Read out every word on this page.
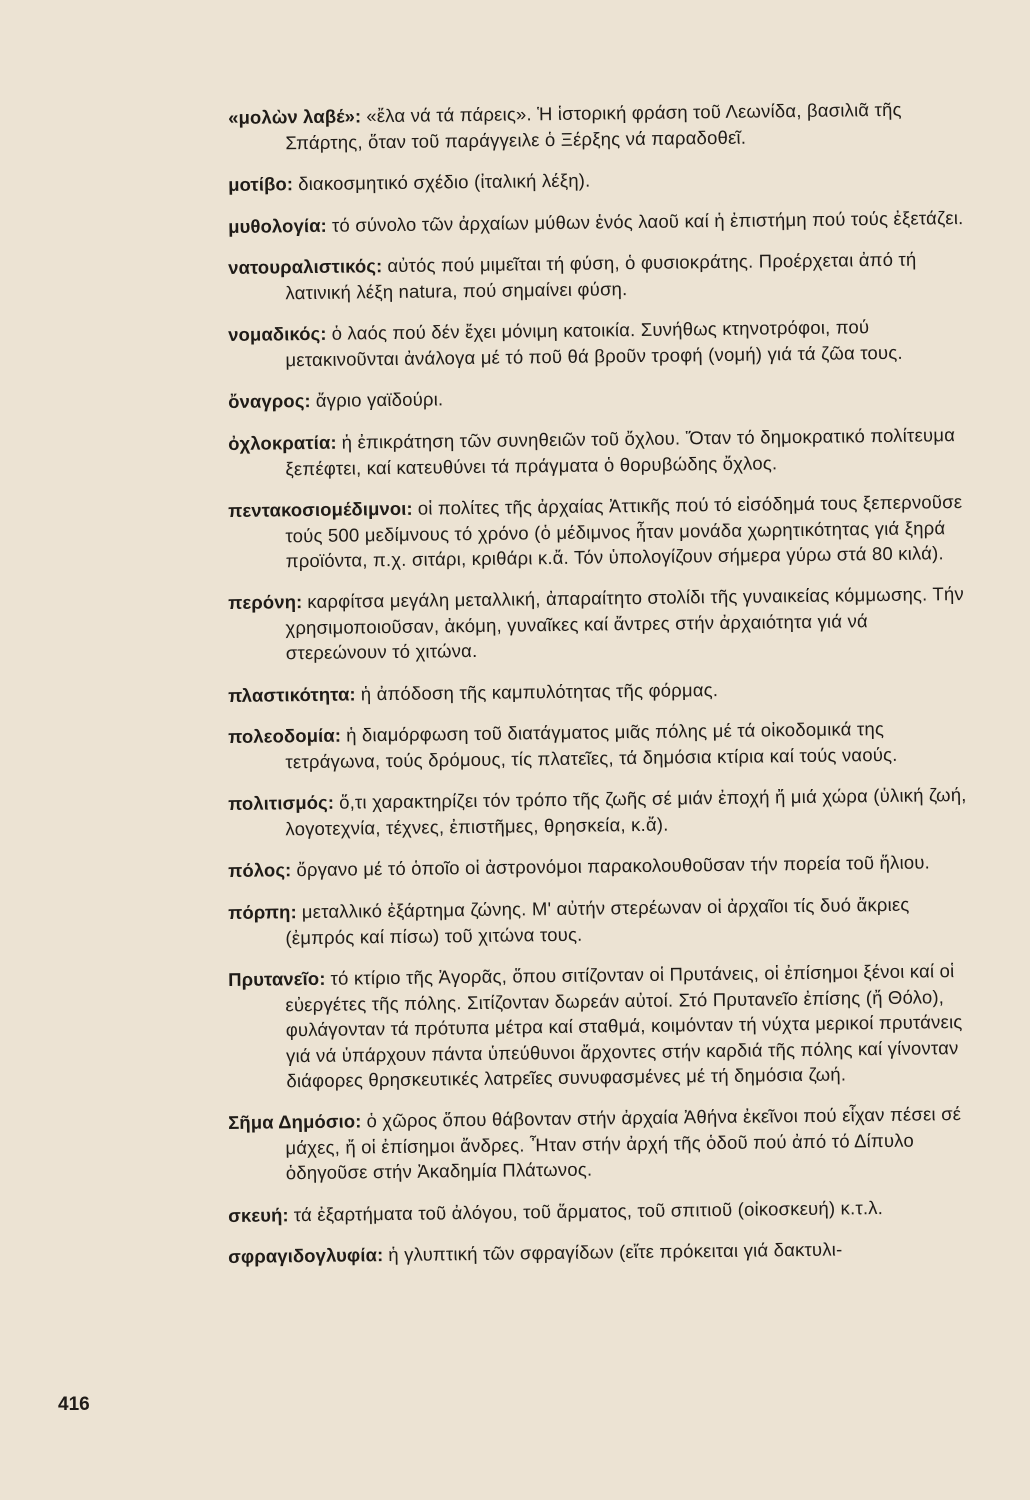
«μολὼν λαβέ»: «ἔλα νά τά πάρεις». Ἡ ἱστορική φράση τοῦ Λεωνίδα, βασιλιᾶ τῆς Σπάρτης, ὅταν τοῦ παράγγειλε ὁ Ξέρξης νά παραδοθεῖ.

μοτίβο: διακοσμητικό σχέδιο (ἰταλική λέξη).

μυθολογία: τό σύνολο τῶν ἀρχαίων μύθων ἑνός λαοῦ καί ἡ ἐπιστήμη πού τούς ἐξετάζει.

νατουραλιστικός: αὐτός πού μιμεῖται τή φύση, ὁ φυσιοκράτης. Προέρχεται ἀπό τή λατινική λέξη natura, πού σημαίνει φύση.

νομαδικός: ὁ λαός πού δέν ἔχει μόνιμη κατοικία. Συνήθως κτηνοτρόφοι, πού μετακινοῦνται ἀνάλογα μέ τό ποῦ θά βροῦν τροφή (νομή) γιά τά ζῶα τους.

ὄναγρος: ἄγριο γαϊδούρι.

ὀχλοκρατία: ἡ ἐπικράτηση τῶν συνηθειῶν τοῦ ὄχλου. Ὅταν τό δημοκρατικό πολίτευμα ξεπέφτει, καί κατευθύνει τά πράγματα ὁ θορυβώδης ὄχλος.

πεντακοσιομέδιμνοι: οἱ πολίτες τῆς ἀρχαίας Ἀττικῆς πού τό εἰσόδημά τους ξεπερνοῦσε τούς 500 μεδίμνους τό χρόνο (ὁ μέδιμνος ἦταν μονάδα χωρητικότητας γιά ξηρά προϊόντα, π.χ. σιτάρι, κριθάρι κ.ἄ. Τόν ὑπολογίζουν σήμερα γύρω στά 80 κιλά).

περόνη: καρφίτσα μεγάλη μεταλλική, ἀπαραίτητο στολίδι τῆς γυναικείας κόμμωσης. Τήν χρησιμοποιοῦσαν, ἀκόμη, γυναῖκες καί ἄντρες στήν ἀρχαιότητα γιά νά στερεώνουν τό χιτώνα.

πλαστικότητα: ἡ ἀπόδοση τῆς καμπυλότητας τῆς φόρμας.

πολεοδομία: ἡ διαμόρφωση τοῦ διατάγματος μιᾶς πόλης μέ τά οἰκοδομικά της τετράγωνα, τούς δρόμους, τίς πλατεῖες, τά δημόσια κτίρια καί τούς ναούς.

πολιτισμός: ὅ,τι χαρακτηρίζει τόν τρόπο τῆς ζωῆς σέ μιάν ἐποχή ἤ μιά χώρα (ὑλική ζωή, λογοτεχνία, τέχνες, ἐπιστῆμες, θρησκεία, κ.ἄ).

πόλος: ὄργανο μέ τό ὁποῖο οἱ ἀστρονόμοι παρακολουθοῦσαν τήν πορεία τοῦ ἥλιου.

πόρπη: μεταλλικό ἐξάρτημα ζώνης. Μ' αὐτήν στερέωναν οἱ ἀρχαῖοι τίς δυό ἄκριες (ἐμπρός καί πίσω) τοῦ χιτώνα τους.

Πρυτανεῖο: τό κτίριο τῆς Ἀγορᾶς, ὅπου σιτίζονταν οἱ Πρυτάνεις, οἱ ἐπίσημοι ξένοι καί οἱ εὐεργέτες τῆς πόλης. Σιτίζονταν δωρεάν αὐτοί. Στό Πρυτανεῖο ἐπίσης (ἤ Θόλο), φυλάγονταν τά πρότυπα μέτρα καί σταθμά, κοιμόνταν τή νύχτα μερικοί πρυτάνεις γιά νά ὑπάρχουν πάντα ὑπεύθυνοι ἄρχοντες στήν καρδιά τῆς πόλης καί γίνονταν διάφορες θρησκευτικές λατρεῖες συνυφασμένες μέ τή δημόσια ζωή.

Σῆμα Δημόσιο: ὁ χῶρος ὅπου θάβονταν στήν ἀρχαία Ἀθήνα ἐκεῖνοι πού εἶχαν πέσει σέ μάχες, ἤ οἱ ἐπίσημοι ἄνδρες. Ἦταν στήν ἀρχή τῆς ὁδοῦ πού ἀπό τό Δίπυλο ὁδηγοῦσε στήν Ἀκαδημία Πλάτωνος.

σκευή: τά ἐξαρτήματα τοῦ ἀλόγου, τοῦ ἅρματος, τοῦ σπιτιοῦ (οἰκοσκευή) κ.τ.λ.

σφραγιδογλυφία: ἡ γλυπτική τῶν σφραγίδων (εἴτε πρόκειται γιά δακτυλι-

416
